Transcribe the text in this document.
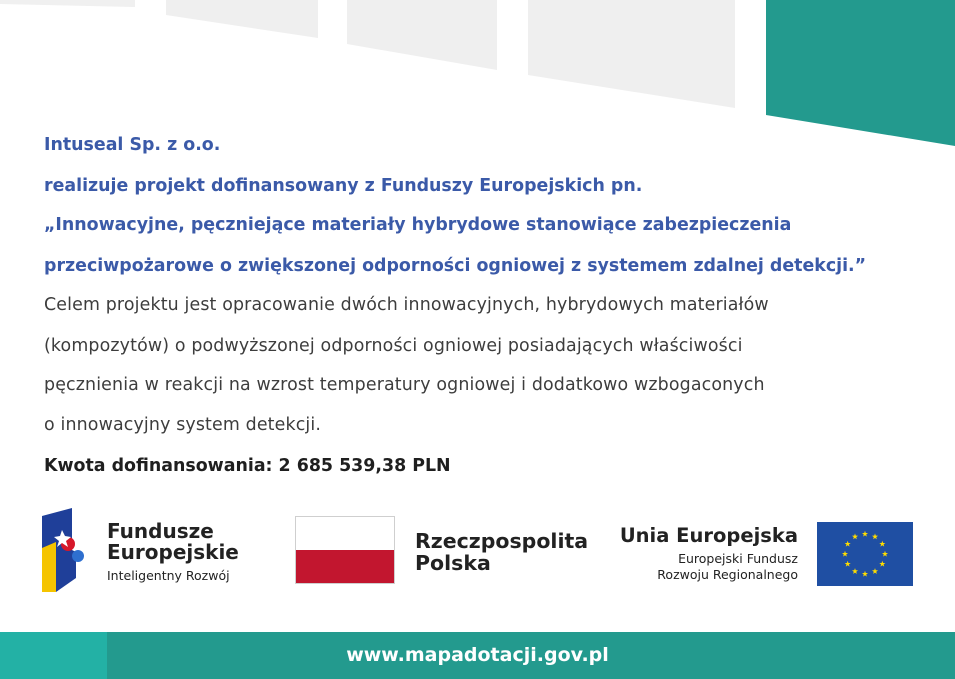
Intuseal Sp. z o.o.
realizuje projekt dofinansowany z Funduszy Europejskich pn.
„Innowacyjne, pęczniejące materiały hybrydowe stanowiące zabezpieczenia
przeciwpożarowe o zwiększonej odporności ogniowej z systemem zdalnej detekcji.”
Celem projektu jest opracowanie dwóch innowacyjnych, hybrydowych materiałów
(kompozytów) o podwyższonej odporności ogniowej posiadających właściwości
pęcznienia w reakcji na wzrost temperatury ogniowej i dodatkowo wzbogaconych
o innowacyjny system detekcji.
Kwota dofinansowania: 2 685 539,38 PLN
Fundusze
Europejskie
Inteligentny Rozwój
Rzeczpospolita
Polska
Unia Europejska
Europejski Fundusz
Rozwoju Regionalnego
www.mapadotacji.gov.pl
